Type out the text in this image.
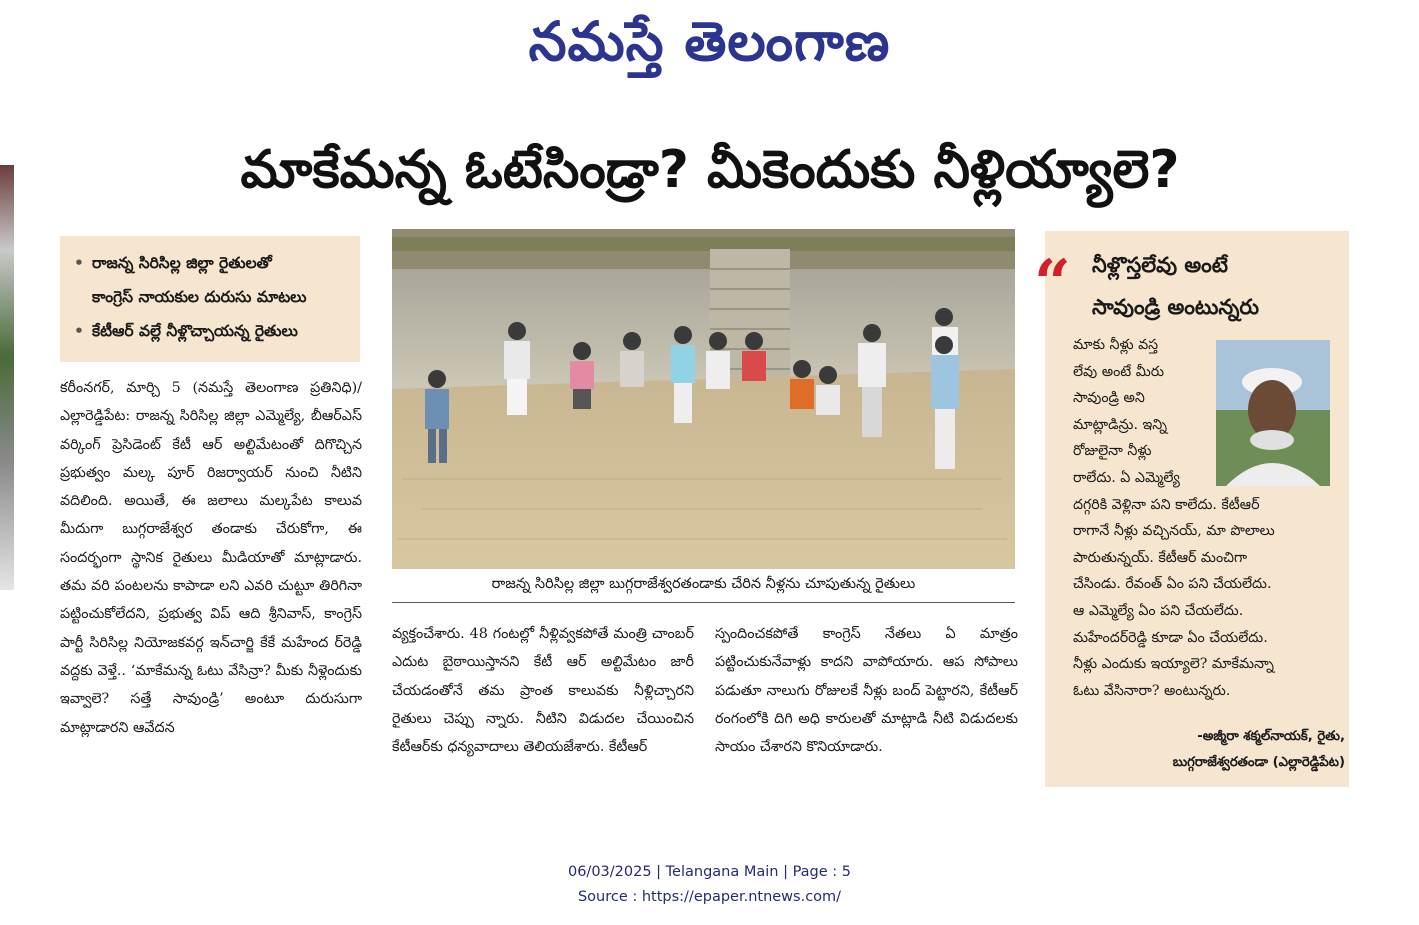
నమస్తే తెలంగాణ
మాకేమన్న ఓటేసిండ్రా? మీకెందుకు నీళ్లియ్యాలె?
• రాజన్న సిరిసిల్ల జిల్లా రైతులతో
కాంగ్రెస్ నాయకుల దురుసు మాటలు
• కేటీఆర్ వల్లే నీళ్లొచ్చాయన్న రైతులు
రాజన్న సిరిసిల్ల జిల్లా బుగ్గరాజేశ్వరతండాకు చేరిన నీళ్లను చూపుతున్న రైతులు
కరీంనగర్, మార్చి 5 (నమస్తే తెలంగాణ ప్రతినిధి)/ఎల్లారెడ్డిపేట: రాజన్న సిరిసిల్ల జిల్లా ఎమ్మెల్యే, బీఆర్ఎస్ వర్కింగ్ ప్రెసిడెంట్ కేటీ ఆర్ అల్టిమేటంతో దిగొచ్చిన ప్రభుత్వం మల్క పూర్ రిజర్వాయర్ నుంచి నీటిని వదిలింది. అయితే, ఈ జలాలు మల్కపేట కాలువ మీదుగా బుగ్గరాజేశ్వర తండాకు చేరుకోగా, ఈ సందర్భంగా స్థానిక రైతులు మీడియాతో మాట్లాడారు. తమ వరి పంటలను కాపాడా లని ఎవరి చుట్టూ తిరిగినా పట్టించుకోలేదని, ప్రభుత్వ విప్ ఆది శ్రీనివాస్, కాంగ్రెస్ పార్టీ సిరిసిల్ల నియోజకవర్గ ఇన్‌చార్జి కేకే మహేంద ర్‌రెడ్డి వద్దకు వెళ్తే.. ‘మాకేమన్న ఓటు వేసిన్రా? మీకు నీళ్లెందుకు ఇవ్వాలె? సత్తే సావుండ్రి’ అంటూ దురుసుగా మాట్లాడారని ఆవేదన
వ్యక్తంచేశారు. 48 గంటల్లో నీళ్లివ్వకపోతే మంత్రి చాంబర్ ఎదుట బైఠాయిస్తానని కేటీ ఆర్ అల్టిమేటం జారీ చేయడంతోనే తమ ప్రాంత కాలువకు నీళ్లిచ్చారని రైతులు చెప్పు న్నారు. నీటిని విడుదల చేయించిన కేటీఆర్‌కు ధన్యవాదాలు తెలియజేశారు. కేటీఆర్
స్పందించకపోతే కాంగ్రెస్ నేతలు ఏ మాత్రం పట్టించుకునేవాళ్లు కాదని వాపోయారు. ఆప సోపాలు పడుతూ నాలుగు రోజులకే నీళ్లు బంద్ పెట్టారని, కేటీఆర్ రంగంలోకి దిగి అధి కారులతో మాట్లాడి నీటి విడుదలకు సాయం చేశారని కొనియాడారు.
“ నీళ్లొస్తలేవు అంటే
సావుండ్రి అంటున్నరు
మాకు నీళ్లు వస్త
లేవు అంటే మీరు
సావుండ్రి అని
మాట్లాడిన్రు. ఇన్ని
రోజులైనా నీళ్లు
రాలేదు. ఏ ఎమ్మెల్యే
దగ్గరికి వెళ్లినా పని కాలేదు. కేటీఆర్
రాగానే నీళ్లు వచ్చినయ్, మా పొలాలు
పారుతున్నయ్. కేటీఆర్ మంచిగా
చేసిండు. రేవంత్ ఏం పని చేయలేదు.
ఆ ఎమ్మెల్యే ఏం పని చేయలేదు.
మహేందర్‌రెడ్డి కూడా ఏం చేయలేదు.
నీళ్లు ఎందుకు ఇయ్యాలె? మాకేమన్నా
ఓటు వేసినారా? అంటున్నరు.
-అజ్మీరా శక్మల్‌నాయక్, రైతు,
బుగ్గరాజేశ్వరతండా (ఎల్లారెడ్డిపేట)
06/03/2025 | Telangana Main | Page : 5
Source : https://epaper.ntnews.com/
